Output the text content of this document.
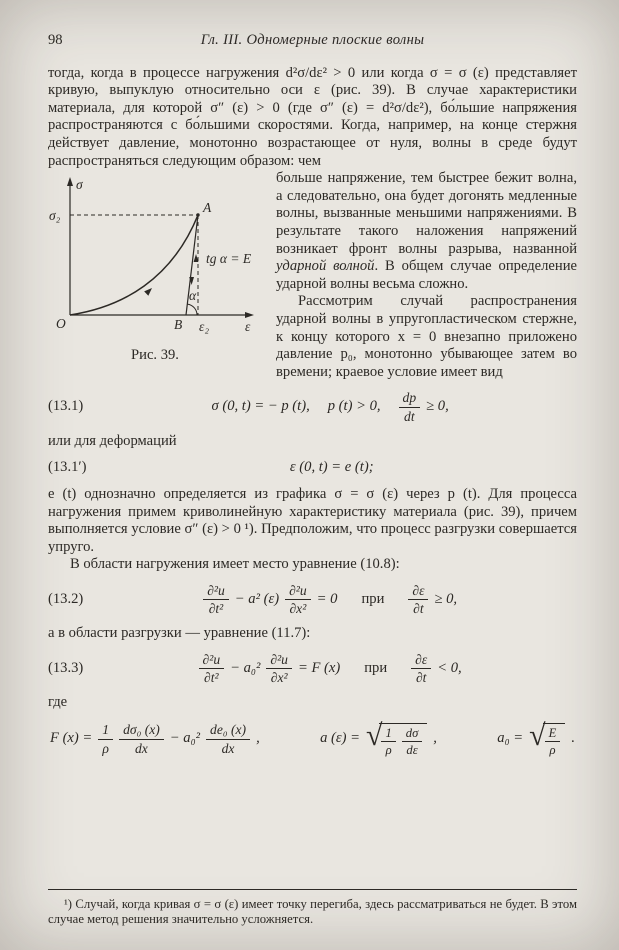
98	Гл. III. Одномерные плоские волны

тогда, когда в процессе нагружения d²σ/dε² > 0 или когда σ = σ (ε) представляет кривую, выпуклую относительно оси ε (рис. 39). В случае характеристики материала, для которой σ″ (ε) > 0 (где σ″ (ε) = d²σ/dε²), бо́льшие напряжения распространяются с бо́льшими скоростями. Когда, например, на конце стержня действует давление, монотонно возрастающее от нуля, волны в среде будут распространяться следующим образом: чем

σ
ε
O
σ₂
A
B ε₂
α
tg α = E
Рис. 39.

больше напряжение, тем быстрее бежит волна, а следовательно, она будет догонять медленные волны, вызванные меньшими напряжениями. В результате такого наложения напряжений возникает фронт волны разрыва, названной ударной волной. В общем случае определение ударной волны весьма сложно.

Рассмотрим случай распространения ударной волны в упругопластическом стержне, к концу которого x = 0 внезапно приложено давление p₀, монотонно убывающее затем во времени; краевое условие имеет вид

(13.1)	σ (0, t) = − p (t), p (t) > 0, $\frac{dp}{dt} \ge 0$,

или для деформаций

(13.1′)	ε (0, t) = e (t);

e (t) однозначно определяется из графика σ = σ (ε) через p (t). Для процесса нагружения примем криволинейную характеристику материала (рис. 39), причем выполняется условие σ″ (ε) > 0 ¹). Предположим, что процесс разгрузки совершается упруго.

В области нагружения имеет место уравнение (10.8):

(13.2)	$\frac{\text{∂²u}}{\text{∂t²}} - a^2$ $(\varepsilon) \frac{\text{∂²u}}{\text{∂x²}} = 0$ при $\frac{\partial\varepsilon}{\partial t} \ge 0$,

а в области разгрузки — уравнение (11.7):

(13.3)	$\frac{\text{∂²u}}{\text{∂t²}} - a_0^2 \frac{\text{∂²u}}{\text{∂x²}} = F$ (x) при $\frac{\partial\varepsilon}{\partial t} < 0$,

где

F $(x) = \frac{1}{\rho} \frac{\text{dσ₀ (x)}}{dx} - a_0^2 \frac{\text{de₀ (x)}}{dx}$ ,	a (ε) = √ $\frac{1}{\rho} \frac{d\sigma}{d\varepsilon}$ ,	a₀ = √ $\frac{E}{\rho}$ .

¹) Случай, когда кривая σ = σ (ε) имеет точку перегиба, здесь рассматриваться не будет. В этом случае метод решения значительно усложняется.
